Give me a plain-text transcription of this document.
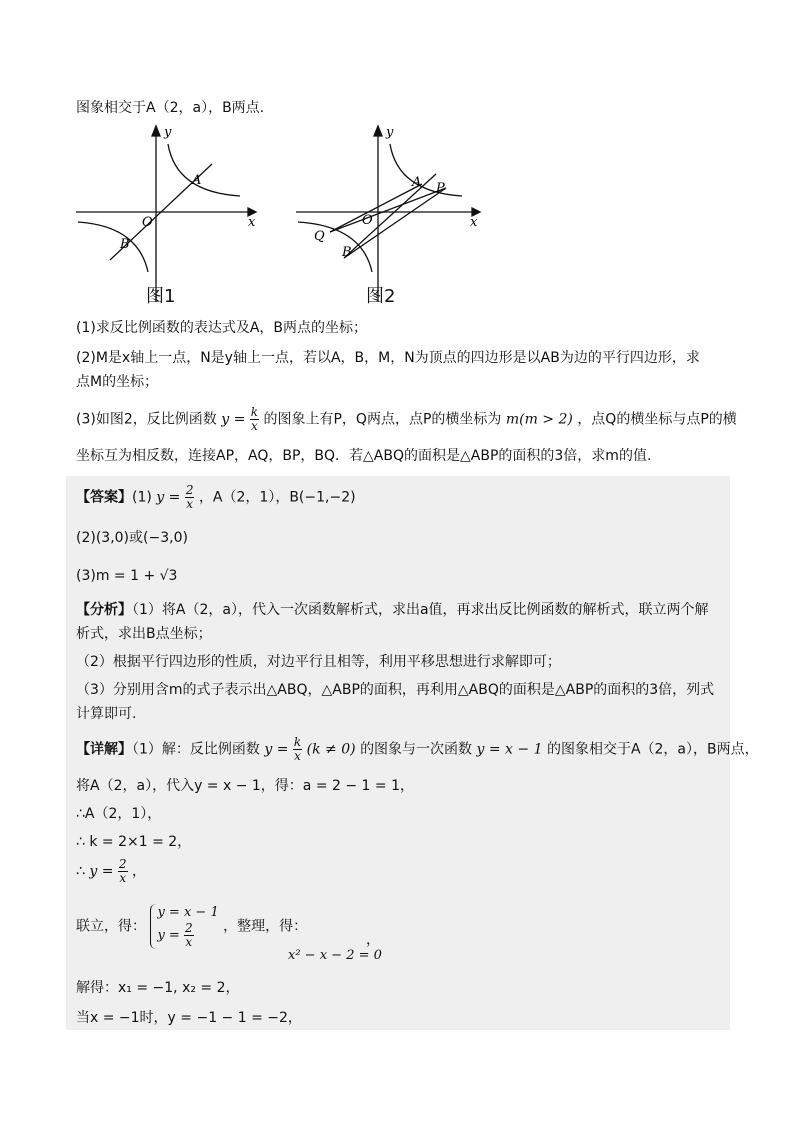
图象相交于A（2，a），B两点.
y
x
O
A
B
图1
y
x
O
A P
Q
B
图2
(1)求反比例函数的表达式及A，B两点的坐标；
(2)M是x轴上一点，N是y轴上一点，若以A，B，M，N为顶点的四边形是以AB为边的平行四边形，求
点M的坐标；
(3)如图2，反比例函数 $y = \frac{k}{x}$ 的图象上有P，Q两点，点P的横坐标为 m(m > 2) ，点Q的横坐标与点P的横
坐标互为相反数，连接AP，AQ，BP，BQ．若△ABQ的面积是△ABP的面积的3倍，求m的值.
【答案】(1) $y = \frac{2}{x}$ ，A（2，1），B(−1,−2)
(2)(3,0)或(−3,0)
(3)m = 1 + √3
【分析】（1）将A（2，a），代入一次函数解析式，求出a值，再求出反比例函数的解析式，联立两个解
析式，求出B点坐标；
（2）根据平行四边形的性质，对边平行且相等，利用平移思想进行求解即可；
（3）分别用含m的式子表示出△ABQ，△ABP的面积，再利用△ABQ的面积是△ABP的面积的3倍，列式
计算即可.
【详解】（1）解：反比例函数 $y = \frac{k}{x} (k \ne 0)$ 的图象与一次函数 y = x − 1 的图象相交于A（2，a），B两点，
将A（2，a），代入y = x − 1，得：a = 2 − 1 = 1，
∴A（2，1），
∴ k = 2×1 = 2，
∴ $y = \frac{2}{x}$ ，
联立，得：
y = x − 1
$y = \frac{2}{x}$ ，整理，得：
x² − x − 2 = 0
，
解得：x₁ = −1, x₂ = 2，
当x = −1时，y = −1 − 1 = −2，
